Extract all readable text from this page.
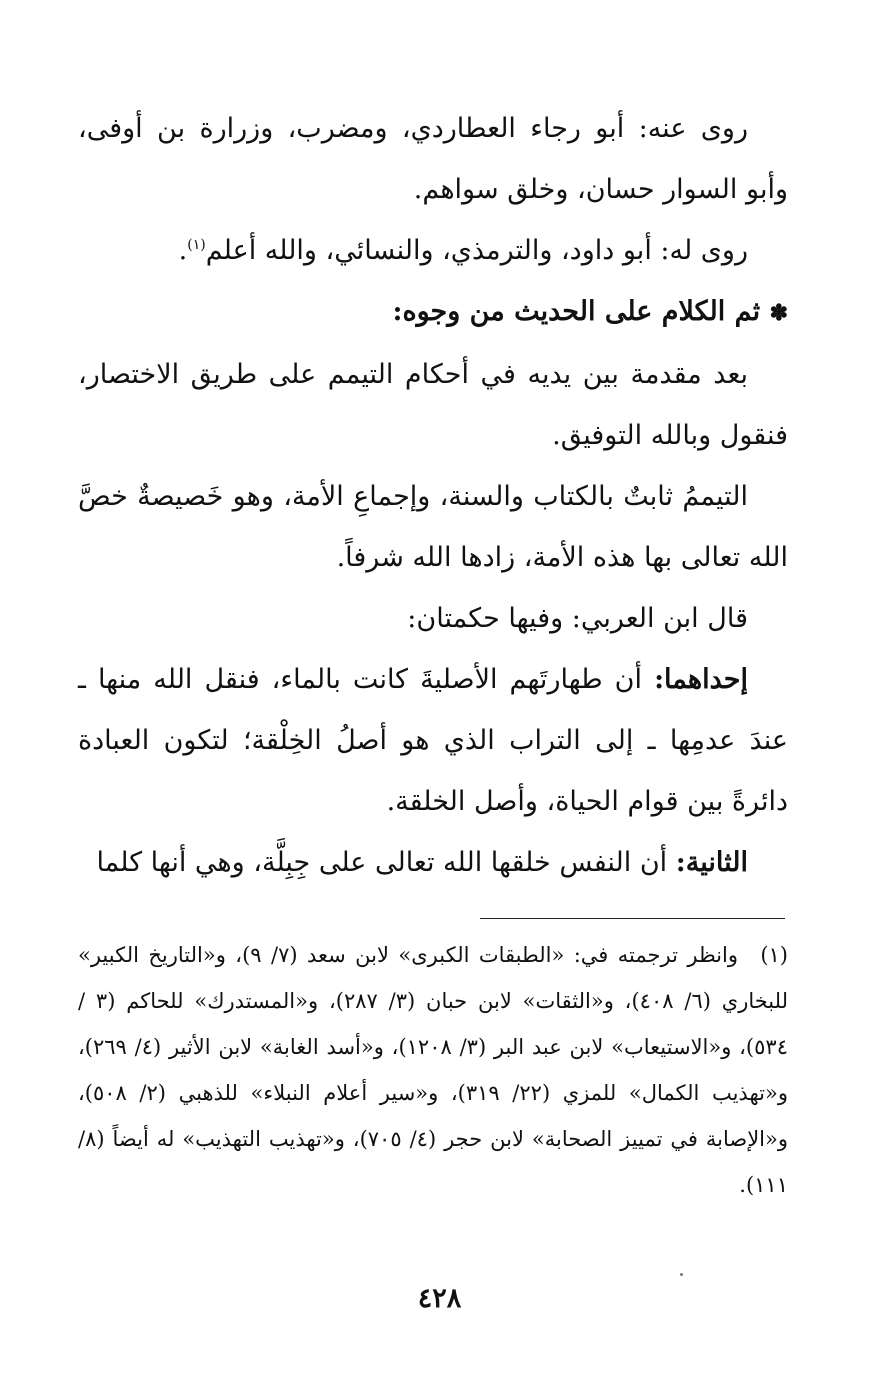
روى عنه: أبو رجاء العطاردي، ومضرب، وزرارة بن أوفى، وأبو السوار حسان، وخلق سواهم.

روى له: أبو داود، والترمذي، والنسائي، والله أعلم$^{(١)}$.

✽ ثم الكلام على الحديث من وجوه:

بعد مقدمة بين يديه في أحكام التيمم على طريق الاختصار، فنقول وبالله التوفيق.

التيممُ ثابتٌ بالكتاب والسنة، وإجماعِ الأمة، وهو خَصيصةٌ خصَّ الله تعالى بها هذه الأمة، زادها الله شرفاً.

قال ابن العربي: وفيها حكمتان:

إحداهما: أن طهارتَهم الأصليةَ كانت بالماء، فنقل الله منها ـ عندَ عدمِها ـ إلى التراب الذي هو أصلُ الخِلْقة؛ لتكون العبادة دائرةً بين قوام الحياة، وأصل الخلقة.

الثانية: أن النفس خلقها الله تعالى على جِبِلَّة، وهي أنها كلما

(١)وانظر ترجمته في: «الطبقات الكبرى» لابن سعد (٧/ ٩)، و«التاريخ الكبير» للبخاري (٦/ ٤٠٨)، و«الثقات» لابن حبان (٣/ ٢٨٧)، و«المستدرك» للحاكم (٣ / ٥٣٤)، و«الاستيعاب» لابن عبد البر (٣/ ١٢٠٨)، و«أسد الغابة» لابن الأثير (٤/ ٢٦٩)، و«تهذيب الكمال» للمزي (٢٢/ ٣١٩)، و«سير أعلام النبلاء» للذهبي (٢/ ٥٠٨)، و«الإصابة في تمييز الصحابة» لابن حجر (٤/ ٧٠٥)، و«تهذيب التهذيب» له أيضاً (٨/ ١١١).

٤٢٨
